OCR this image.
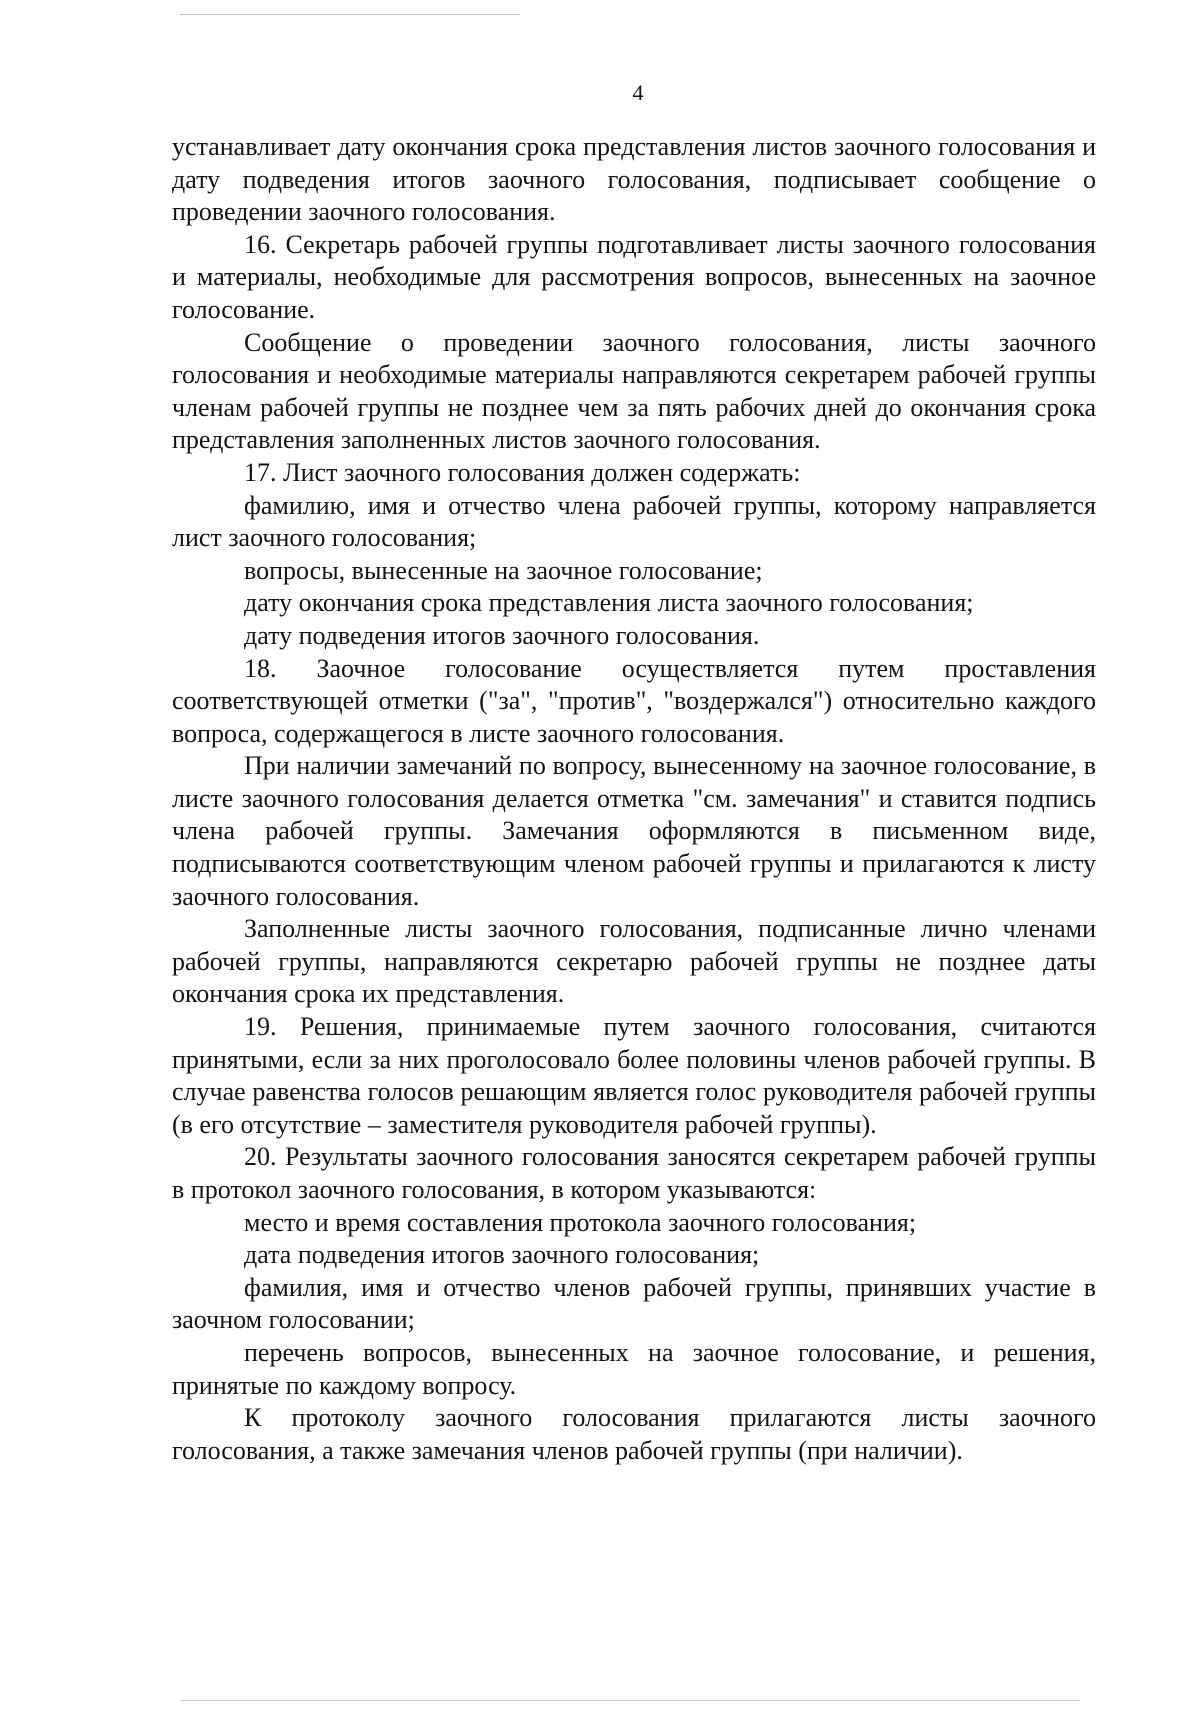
4

устанавливает дату окончания срока представления листов заочного голосования и дату подведения итогов заочного голосования, подписывает сообщение о проведении заочного голосования.

16. Секретарь рабочей группы подготавливает листы заочного голосования и материалы, необходимые для рассмотрения вопросов, вынесенных на заочное голосование.

Сообщение о проведении заочного голосования, листы заочного голосования и необходимые материалы направляются секретарем рабочей группы членам рабочей группы не позднее чем за пять рабочих дней до окончания срока представления заполненных листов заочного голосования.

17. Лист заочного голосования должен содержать:

фамилию, имя и отчество члена рабочей группы, которому направляется лист заочного голосования;

вопросы, вынесенные на заочное голосование;

дату окончания срока представления листа заочного голосования;

дату подведения итогов заочного голосования.

18. Заочное голосование осуществляется путем проставления соответствующей отметки ("за", "против", "воздержался") относительно каждого вопроса, содержащегося в листе заочного голосования.

При наличии замечаний по вопросу, вынесенному на заочное голосование, в листе заочного голосования делается отметка "см. замечания" и ставится подпись члена рабочей группы. Замечания оформляются в письменном виде, подписываются соответствующим членом рабочей группы и прилагаются к листу заочного голосования.

Заполненные листы заочного голосования, подписанные лично членами рабочей группы, направляются секретарю рабочей группы не позднее даты окончания срока их представления.

19. Решения, принимаемые путем заочного голосования, считаются принятыми, если за них проголосовало более половины членов рабочей группы. В случае равенства голосов решающим является голос руководителя рабочей группы (в его отсутствие – заместителя руководителя рабочей группы).

20. Результаты заочного голосования заносятся секретарем рабочей группы в протокол заочного голосования, в котором указываются:

место и время составления протокола заочного голосования;

дата подведения итогов заочного голосования;

фамилия, имя и отчество членов рабочей группы, принявших участие в заочном голосовании;

перечень вопросов, вынесенных на заочное голосование, и решения, принятые по каждому вопросу.

К протоколу заочного голосования прилагаются листы заочного голосования, а также замечания членов рабочей группы (при наличии).
